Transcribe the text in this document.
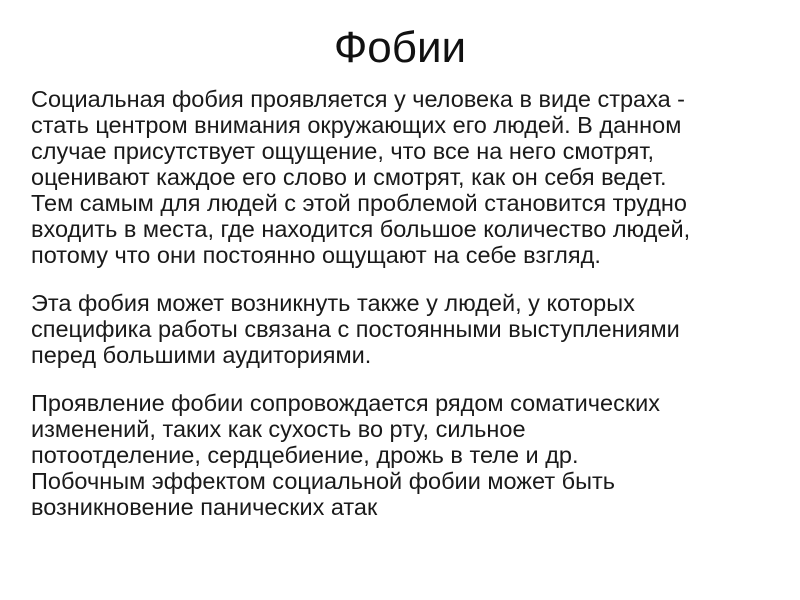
Фобии

Социальная фобия проявляется у человека в виде страха -
стать центром внимания окружающих его людей. В данном
случае присутствует ощущение, что все на него смотрят,
оценивают каждое его слово и смотрят, как он себя ведет.
Тем самым для людей с этой проблемой становится трудно
входить в места, где находится большое количество людей,
потому что они постоянно ощущают на себе взгляд.

Эта фобия может возникнуть также у людей, у которых
специфика работы связана с постоянными выступлениями
перед большими аудиториями.

Проявление фобии сопровождается рядом соматических
изменений, таких как сухость во рту, сильное
потоотделение, сердцебиение, дрожь в теле и др.
Побочным эффектом социальной фобии может быть
возникновение панических атак
